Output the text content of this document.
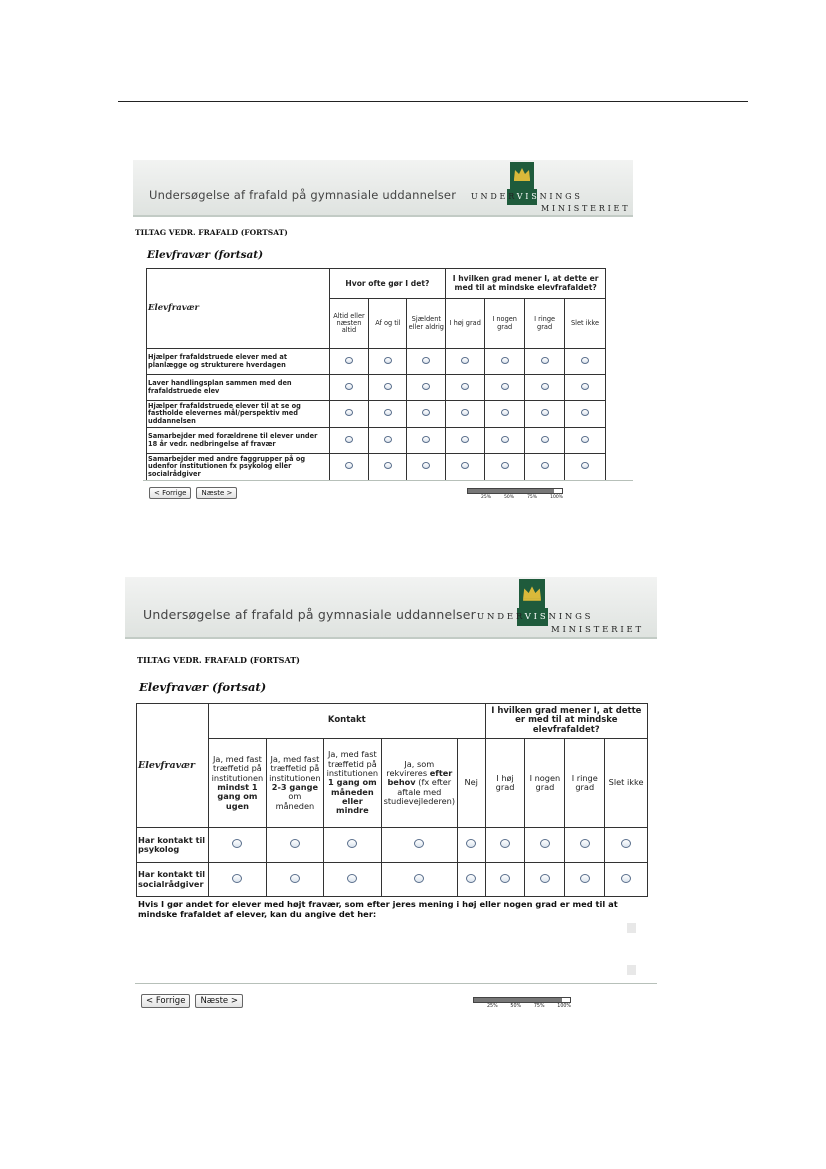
Undersøgelse af frafald på gymnasiale uddannelser UNDERVISNINGS
MINISTERIET
TILTAG VEDR. FRAFALD (FORTSAT)
Elevfravær (fortsat)
Elevfravær	Hvor ofte gør I det?			I hvilken grad mener I, at dette er med til at mindske elevfrafaldet?			
	Altid eller næsten altid	Af og til	Sjældent eller aldrig	I høj grad	I nogen grad	I ringe grad	Slet ikke
Hjælper frafaldstruede elever med at planlægge og strukturere hverdagen							
Laver handlingsplan sammen med den frafaldstruede elev							
Hjælper frafaldstruede elever til at se og fastholde elevernes mål/perspektiv med uddannelsen							
Samarbejder med forældrene til elever under 18 år vedr. nedbringelse af fravær							
Samarbejder med andre faggrupper på og udenfor institutionen fx psykolog eller socialrådgiver							
< Forrige	Næste >
25%	50%	75%	100%
Undersøgelse af frafald på gymnasiale uddannelser UNDERVISNINGS
MINISTERIET
TILTAG VEDR. FRAFALD (FORTSAT)
Elevfravær (fortsat)
Elevfravær	Kontakt					I hvilken grad mener I, at dette er med til at mindske elevfrafaldet?			
	Ja, med fast træffetid på institutionen mindst 1 gang om ugen	Ja, med fast træffetid på institutionen 2-3 gange om måneden	Ja, med fast træffetid på institutionen 1 gang om måneden eller mindre	Ja, som rekvireres efter behov (fx efter aftale med studievejlederen)	Nej	I høj grad	I nogen grad	I ringe grad	Slet ikke
Har kontakt til psykolog									
Har kontakt til socialrådgiver									
Hvis I gør andet for elever med højt fravær, som efter jeres mening i høj eller nogen grad er med til at mindske frafaldet af elever, kan du angive det her:
< Forrige	Næste >
25%	50%	75%	100%
